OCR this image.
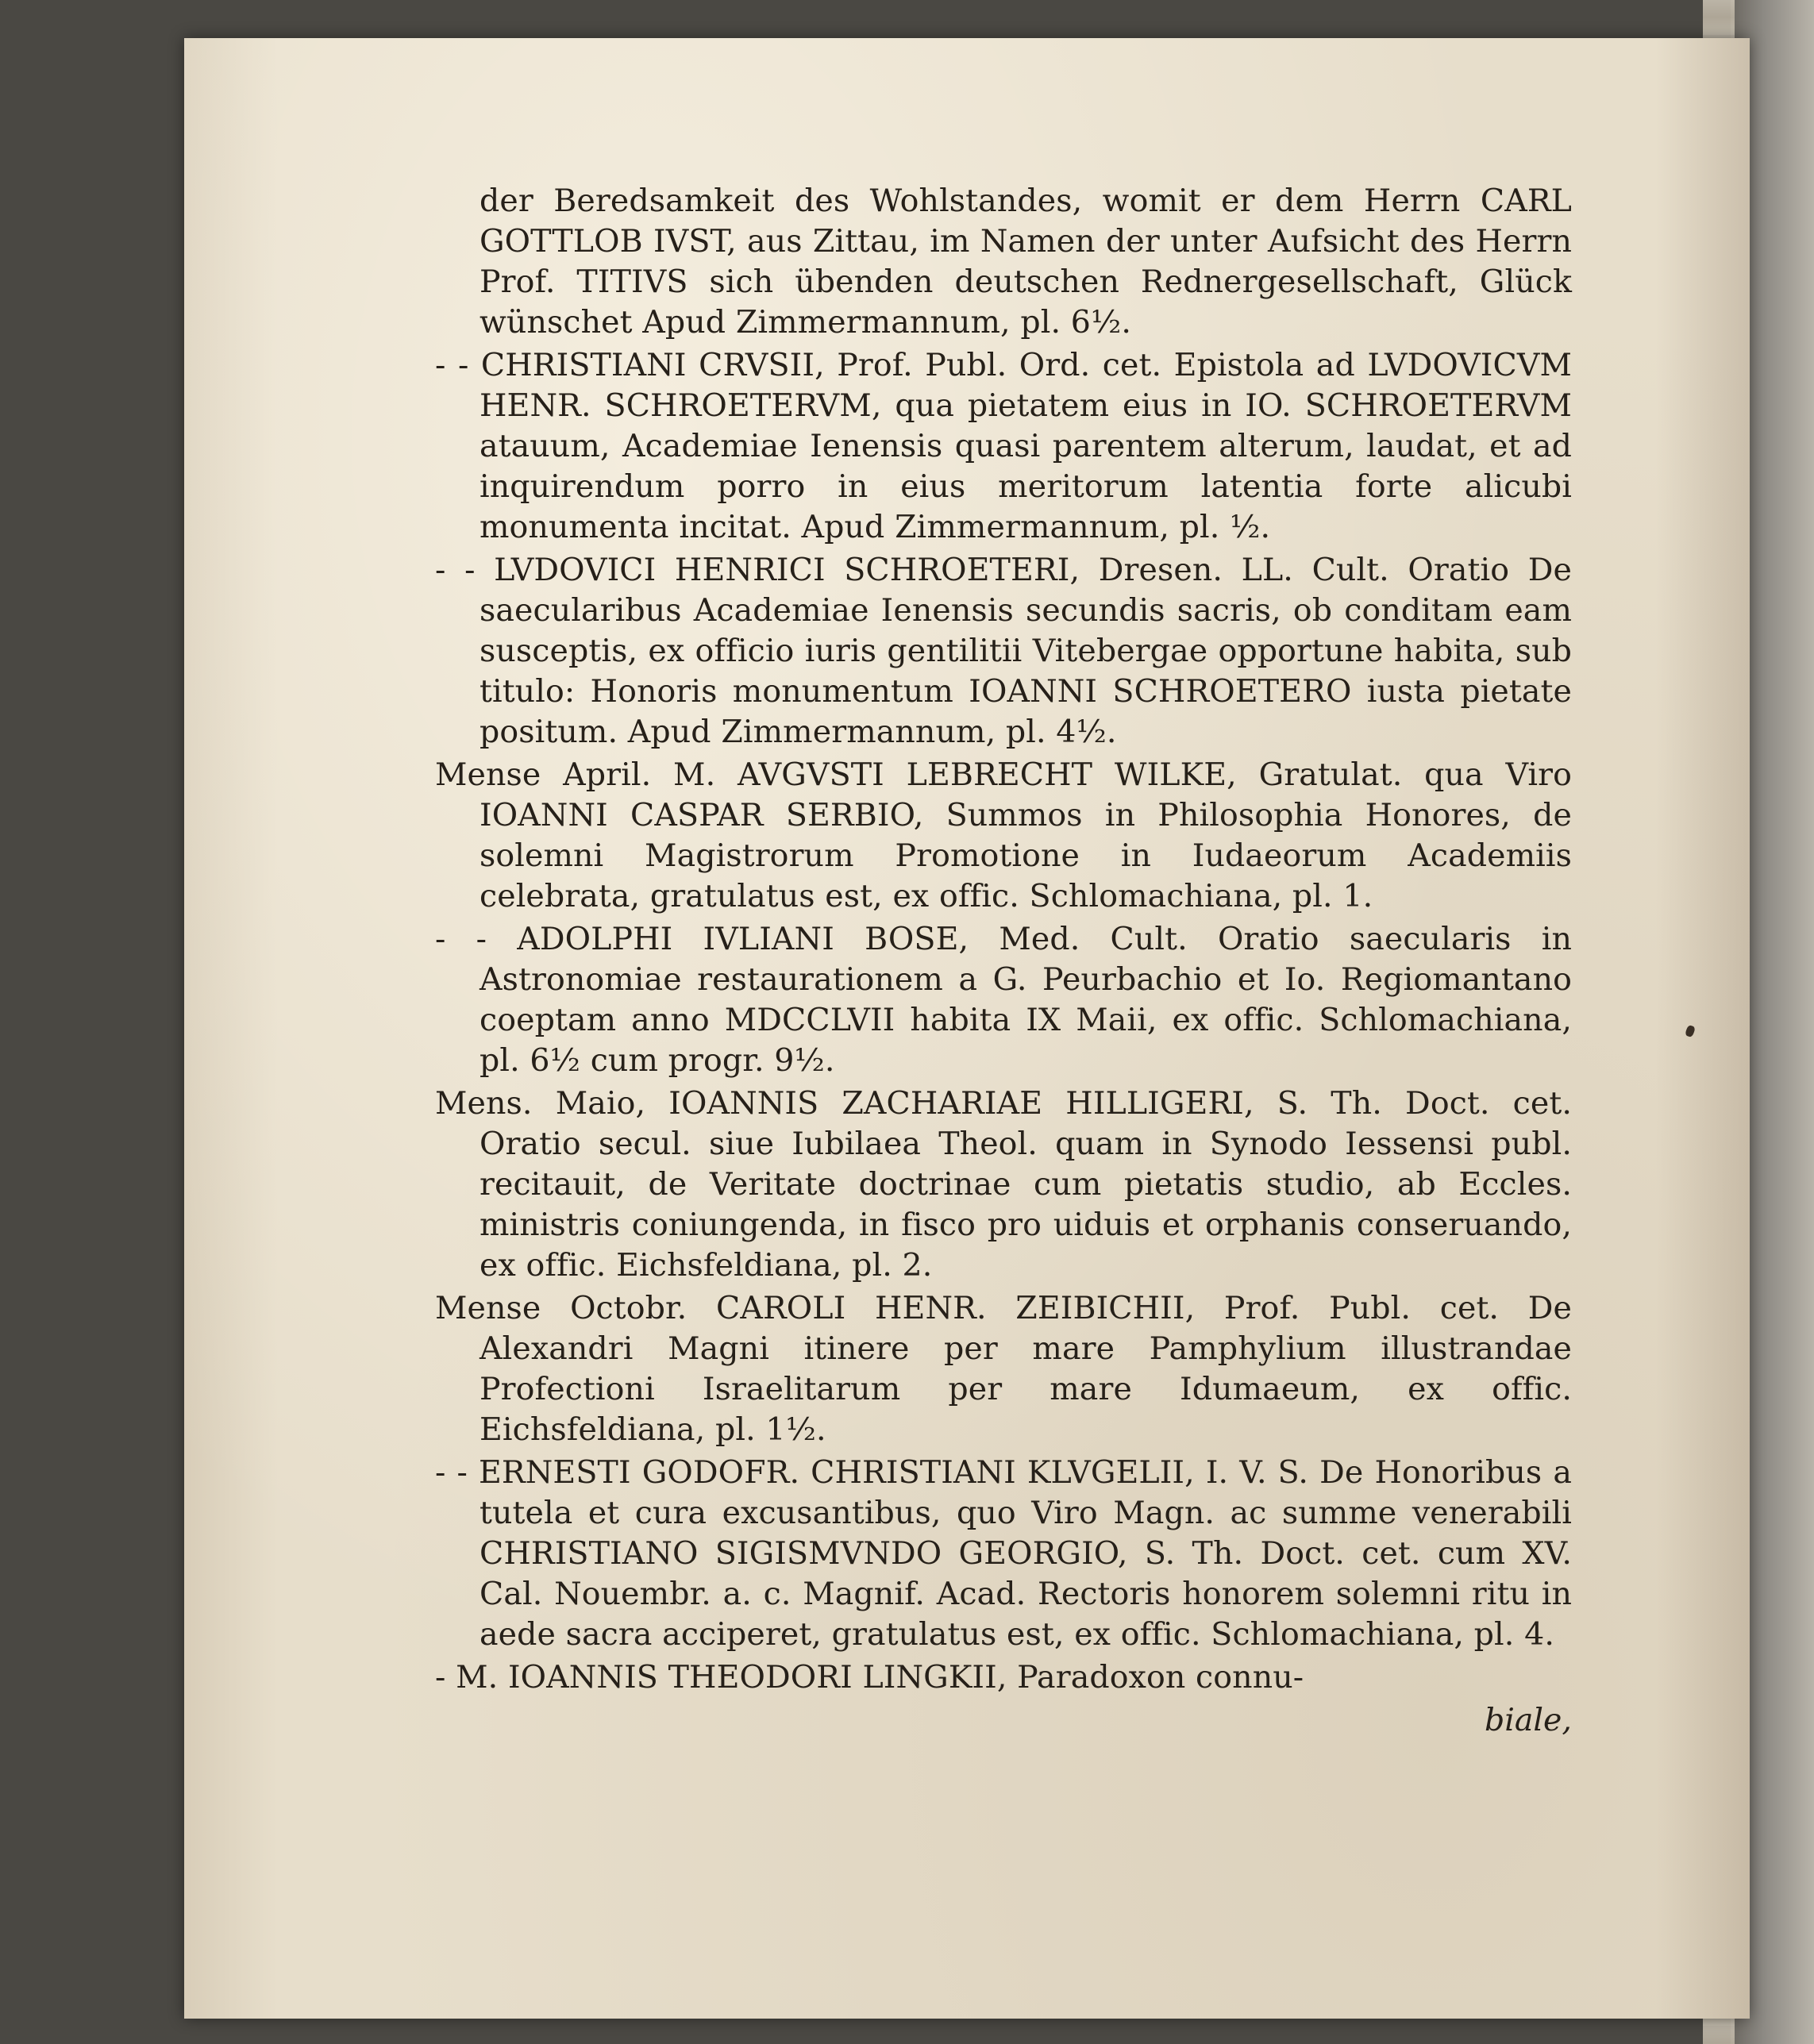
der Beredsamkeit des Wohlstandes, womit er dem Herrn CARL GOTTLOB IVST, aus Zittau, im Namen der unter Aufsicht des Herrn Prof. TITIVS sich übenden deutschen Rednergesellschaft, Glück wünschet Apud Zimmermannum, pl. 6½.

- - CHRISTIANI CRVSII, Prof. Publ. Ord. cet. Epistola ad LVDOVICVM HENR. SCHROETERVM, qua pietatem eius in IO. SCHROETERVM atauum, Academiae Ienensis quasi parentem alterum, laudat, et ad inquirendum porro in eius meritorum latentia forte alicubi monumenta incitat. Apud Zimmermannum, pl. ½.

- - LVDOVICI HENRICI SCHROETERI, Dresen. LL. Cult. Oratio De saecularibus Academiae Ienensis secundis sacris, ob conditam eam susceptis, ex officio iuris gentilitii Vitebergae opportune habita, sub titulo: Honoris monumentum IOANNI SCHROETERO iusta pietate positum. Apud Zimmermannum, pl. 4½.

Mense April. M. AVGVSTI LEBRECHT WILKE, Gratulat. qua Viro IOANNI CASPAR SERBIO, Summos in Philosophia Honores, de solemni Magistrorum Promotione in Iudaeorum Academiis celebrata, gratulatus est, ex offic. Schlomachiana, pl. 1.

- - ADOLPHI IVLIANI BOSE, Med. Cult. Oratio saecularis in Astronomiae restaurationem a G. Peurbachio et Io. Regiomantano coeptam anno MDCCLVII habita IX Maii, ex offic. Schlomachiana, pl. 6½ cum progr. 9½.

Mens. Maio, IOANNIS ZACHARIAE HILLIGERI, S. Th. Doct. cet. Oratio secul. siue Iubilaea Theol. quam in Synodo Iessensi publ. recitauit, de Veritate doctrinae cum pietatis studio, ab Eccles. ministris coniungenda, in fisco pro uiduis et orphanis conseruando, ex offic. Eichsfeldiana, pl. 2.

Mense Octobr. CAROLI HENR. ZEIBICHII, Prof. Publ. cet. De Alexandri Magni itinere per mare Pamphylium illustrandae Profectioni Israelitarum per mare Idumaeum, ex offic. Eichsfeldiana, pl. 1½.

- - ERNESTI GODOFR. CHRISTIANI KLVGELII, I. V. S. De Honoribus a tutela et cura excusantibus, quo Viro Magn. ac summe venerabili CHRISTIANO SIGISMVNDO GEORGIO, S. Th. Doct. cet. cum XV. Cal. Nouembr. a. c. Magnif. Acad. Rectoris honorem solemni ritu in aede sacra acciperet, gratulatus est, ex offic. Schlomachiana, pl. 4.

- M. IOANNIS THEODORI LINGKII, Paradoxon connu-

biale,
